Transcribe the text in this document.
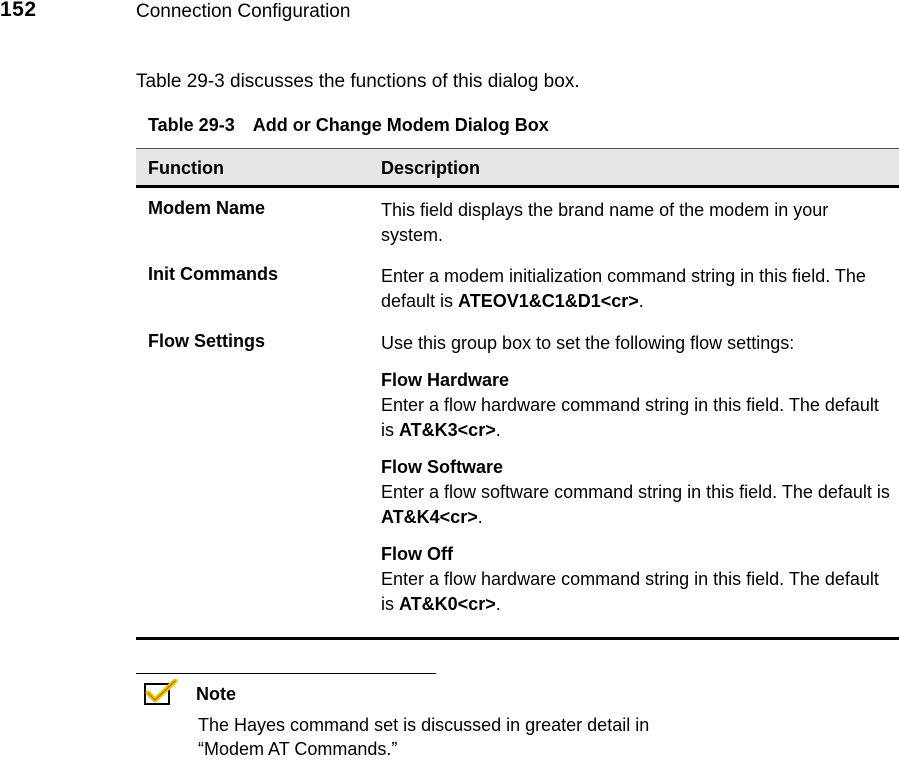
152	Connection Configuration
Table 29-3 discusses the functions of this dialog box.
Table 29-3 Add or Change Modem Dialog Box
Function	Description
Modem Name	This field displays the brand name of the modem in your system.
Init Commands	Enter a modem initialization command string in this field. The default is ATEOV1&C1&D1<cr>.
Flow Settings	Use this group box to set the following flow settings:
Flow Hardware
Enter a flow hardware command string in this field. The default is AT&K3<cr>.
Flow Software
Enter a flow software command string in this field. The default is AT&K4<cr>.
Flow Off
Enter a flow hardware command string in this field. The default is AT&K0<cr>.
Note
The Hayes command set is discussed in greater detail in “Modem AT Commands.”
